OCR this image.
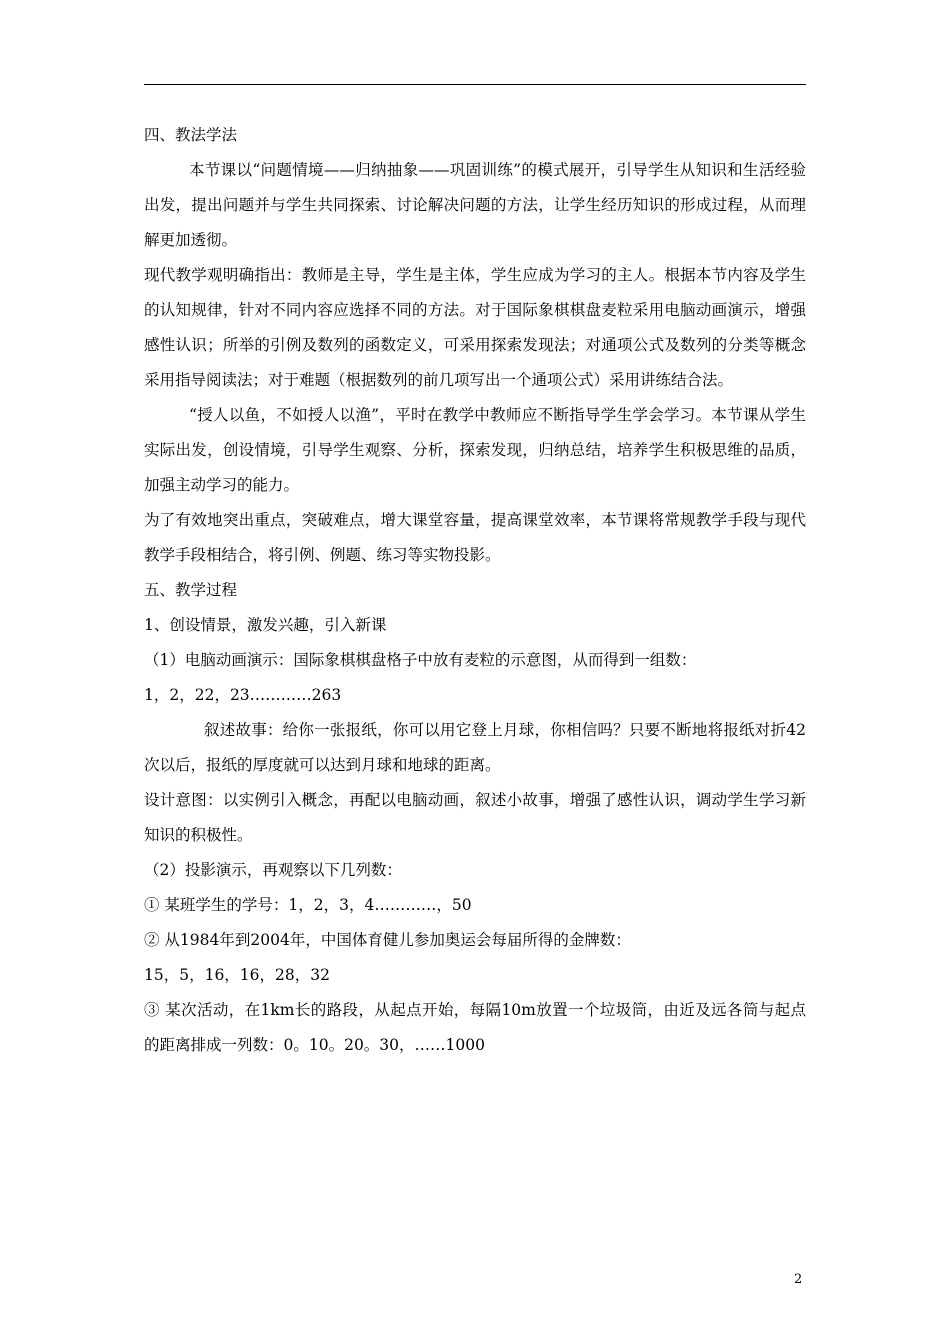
四、教法学法

本节课以“问题情境——归纳抽象——巩固训练”的模式展开，引导学生从知识和生活经验出发，提出问题并与学生共同探索、讨论解决问题的方法，让学生经历知识的形成过程，从而理解更加透彻。

现代教学观明确指出：教师是主导，学生是主体，学生应成为学习的主人。根据本节内容及学生的认知规律，针对不同内容应选择不同的方法。对于国际象棋棋盘麦粒采用电脑动画演示，增强感性认识；所举的引例及数列的函数定义，可采用探索发现法；对通项公式及数列的分类等概念采用指导阅读法；对于难题（根据数列的前几项写出一个通项公式）采用讲练结合法。

“授人以鱼，不如授人以渔”，平时在教学中教师应不断指导学生学会学习。本节课从学生实际出发，创设情境，引导学生观察、分析，探索发现，归纳总结，培养学生积极思维的品质，加强主动学习的能力。

为了有效地突出重点，突破难点，增大课堂容量，提高课堂效率，本节课将常规教学手段与现代教学手段相结合，将引例、例题、练习等实物投影。

五、教学过程

1、创设情景，激发兴趣，引入新课

（1）电脑动画演示：国际象棋棋盘格子中放有麦粒的示意图，从而得到一组数：

1，2，22，23…………263

叙述故事：给你一张报纸，你可以用它登上月球，你相信吗？只要不断地将报纸对折42次以后，报纸的厚度就可以达到月球和地球的距离。

设计意图：以实例引入概念，再配以电脑动画，叙述小故事，增强了感性认识，调动学生学习新知识的积极性。

（2）投影演示，再观察以下几列数：

① 某班学生的学号：1，2，3，4…………，50

② 从1984年到2004年，中国体育健儿参加奥运会每届所得的金牌数：

15，5，16，16，28，32

③ 某次活动，在1km长的路段，从起点开始，每隔10m放置一个垃圾筒，由近及远各筒与起点的距离排成一列数：0。10。20。30，……1000

2
